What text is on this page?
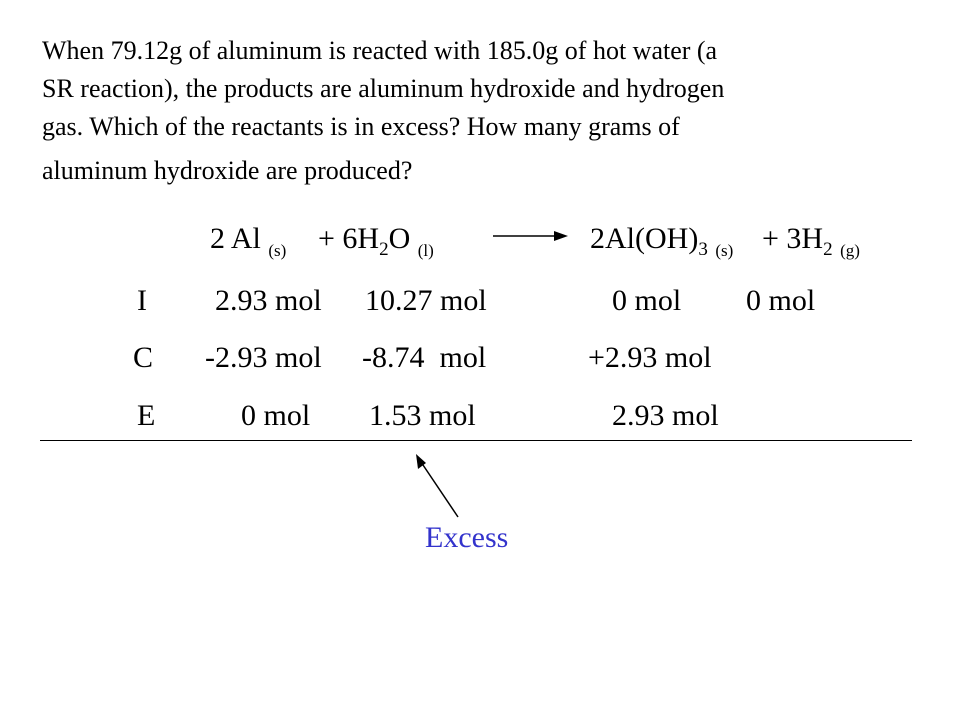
When 79.12g of aluminum is reacted with 185.0g of hot water (a
SR reaction), the products are aluminum hydroxide and hydrogen
gas. Which of the reactants is in excess? How many grams of
aluminum hydroxide are produced?
2 Al $_{(s)} + 6H_2O$ $_{(l)}$	$2Al(OH)_3$ $_{(s)} + 3H_2$ $_{(g)}$
I 2.93 mol 10.27 mol	0 mol 0 mol
C -2.93 mol -8.74  mol	+2.93 mol
E	0 mol 1.53 mol	2.93 mol
Excess
